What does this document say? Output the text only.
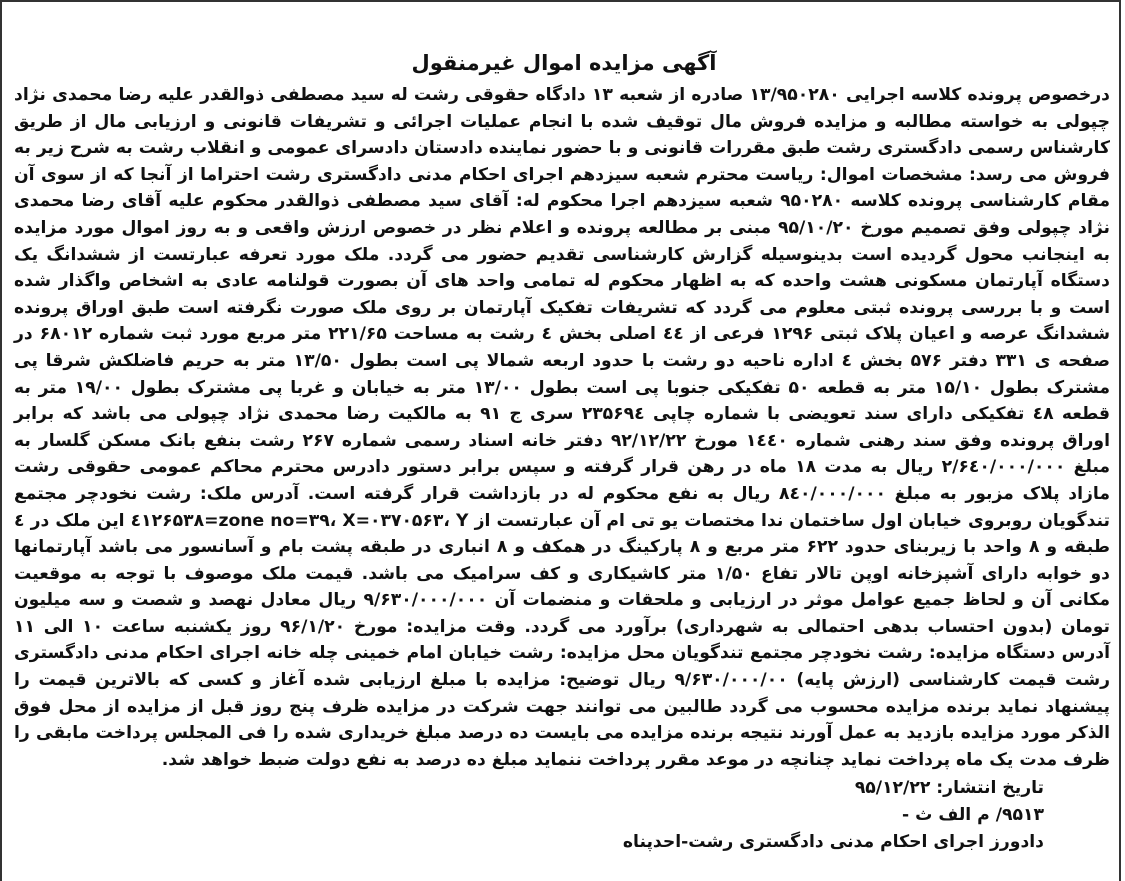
آگهی مزایده اموال غیرمنقول

درخصوص پرونده کلاسه اجرایی ۱۳/۹۵۰۲۸۰ صادره از شعبه ۱۳ دادگاه حقوقی رشت له سید مصطفی ذوالقدر علیه رضا محمدی نژاد چپولی به خواسته مطالبه و مزایده فروش مال توقیف شده با انجام عملیات اجرائی و تشریفات قانونی و ارزیابی مال از طریق کارشناس رسمی دادگستری رشت طبق مقررات قانونی و با حضور نماینده دادستان دادسرای عمومی و انقلاب رشت به شرح زیر به فروش می رسد: مشخصات اموال: ریاست محترم شعبه سیزدهم اجرای احکام مدنی دادگستری رشت احتراما از آنجا که از سوی آن مقام کارشناسی پرونده کلاسه ۹۵۰۲۸۰ شعبه سیزدهم اجرا محکوم له: آقای سید مصطفی ذوالقدر محکوم علیه آقای رضا محمدی نژاد چپولی وفق تصمیم مورخ ۹۵/۱۰/۲۰ مبنی بر مطالعه پرونده و اعلام نظر در خصوص ارزش واقعی و به روز اموال مورد مزایده به اینجانب محول گردیده است بدینوسیله گزارش کارشناسی تقدیم حضور می گردد. ملک مورد تعرفه عبارتست از ششدانگ یک دستگاه آپارتمان مسکونی هشت واحده که به اظهار محکوم له تمامی واحد های آن بصورت قولنامه عادی به اشخاص واگذار شده است و با بررسی پرونده ثبتی معلوم می گردد که تشریفات تفکیک آپارتمان بر روی ملک صورت نگرفته است طبق اوراق پرونده ششدانگ عرصه و اعیان پلاک ثبتی ۱۲۹۶ فرعی از ٤٤ اصلی بخش ٤ رشت به مساحت ۲۲۱/۶۵ متر مربع مورد ثبت شماره ۶۸۰۱۲ در صفحه ی ۳۳۱ دفتر ۵۷۶ بخش ٤ اداره ناحیه دو رشت با حدود اربعه شمالا پی است بطول ۱۳/۵۰ متر به حریم فاضلکش شرقا پی مشترک بطول ۱۵/۱۰ متر به قطعه ۵۰ تفکیکی جنوبا پی است بطول ۱۳/۰۰ متر به خیابان و غربا پی مشترک بطول ۱۹/۰۰ متر به قطعه ٤۸ تفکیکی دارای سند تعویضی با شماره چاپی ۲۳۵۶۹٤ سری ج ۹۱ به مالکیت رضا محمدی نژاد چپولی می باشد که برابر اوراق پرونده وفق سند رهنی شماره ۱٤٤۰ مورخ ۹۲/۱۲/۲۲ دفتر خانه اسناد رسمی شماره ۲۶۷ رشت بنفع بانک مسکن گلسار به مبلغ ۲/۶٤۰/۰۰۰/۰۰۰ ریال به مدت ۱۸ ماه در رهن قرار گرفته و سپس برابر دستور دادرس محترم محاکم عمومی حقوقی رشت مازاد پلاک مزبور به مبلغ ۸٤۰/۰۰۰/۰۰۰ ریال به نفع محکوم له در بازداشت قرار گرفته است. آدرس ملک: رشت نخودچر مجتمع تندگویان روبروی خیابان اول ساختمان ندا مختصات یو تی ام آن عبارتست از zone no=۳۹، X=۰۳۷۰۵۶۳، Y=٤۱۲۶۵۳۸ این ملک در ٤ طبقه و ۸ واحد با زیربنای حدود ۶۲۲ متر مربع و ۸ پارکینگ در همکف و ۸ انباری در طبقه پشت بام و آسانسور می باشد آپارتمانها دو خوابه دارای آشپزخانه اوپن تالار تفاع ۱/۵۰ متر کاشیکاری و کف سرامیک می باشد. قیمت ملک موصوف با توجه به موقعیت مکانی آن و لحاظ جمیع عوامل موثر در ارزیابی و ملحقات و منضمات آن ۹/۶۳۰/۰۰۰/۰۰۰ ریال معادل نهصد و شصت و سه میلیون تومان (بدون احتساب بدهی احتمالی به شهرداری) برآورد می گردد. وقت مزایده: مورخ ۹۶/۱/۲۰ روز یکشنبه ساعت ۱۰ الی ۱۱ آدرس دستگاه مزایده: رشت نخودچر مجتمع تندگویان محل مزایده: رشت خیابان امام خمینی چله خانه اجرای احکام مدنی دادگستری رشت قیمت کارشناسی (ارزش پایه) ۹/۶۳۰/۰۰۰/۰۰ ریال توضیح: مزایده با مبلغ ارزیابی شده آغاز و کسی که بالاترین قیمت را پیشنهاد نماید برنده مزایده محسوب می گردد طالبین می توانند جهت شرکت در مزایده ظرف پنج روز قبل از مزایده از محل فوق الذکر مورد مزایده بازدید به عمل آورند نتیجه برنده مزایده می بایست ده درصد مبلغ خریداری شده را فی المجلس پرداخت مابقی را ظرف مدت یک ماه پرداخت نماید چنانچه در موعد مقرر پرداخت ننماید مبلغ ده درصد به نفع دولت ضبط خواهد شد.

تاریخ انتشار: ۹۵/۱۲/۲۲
۹۵۱۳/ م الف ث -
دادورز اجرای احکام مدنی دادگستری رشت-احدپناه
